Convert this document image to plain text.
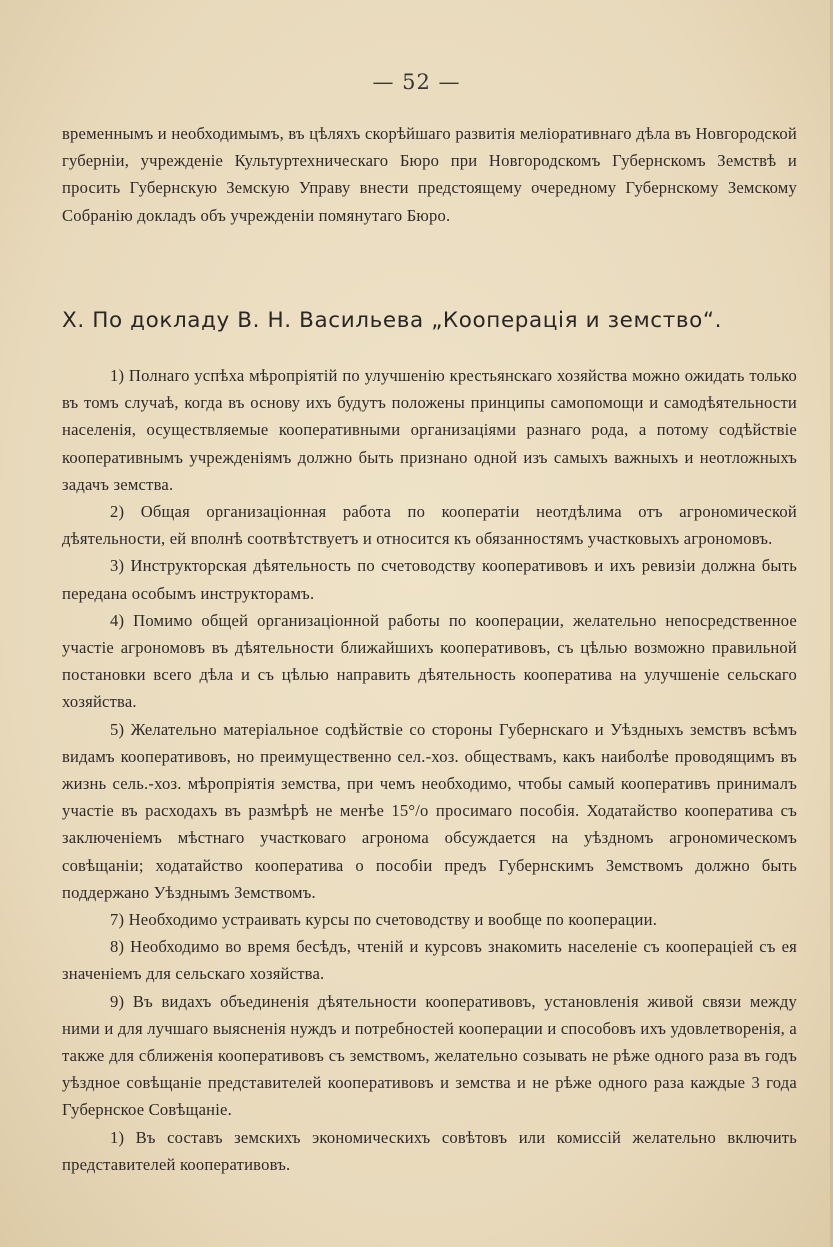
— 52 —

временнымъ и необходимымъ, въ цѣляхъ скорѣйшаго развитія меліоративнаго дѣла въ Новгородской губерніи, учрежденіе Культуртехническаго Бюро при Новгородскомъ Губернскомъ Земствѣ и просить Губернскую Земскую Управу внести предстоящему очередному Губернскому Земскому Собранію докладъ объ учрежденіи помянутаго Бюро.

X. По докладу В. Н. Васильева „Кооперація и земство“.

1) Полнаго успѣха мѣропріятій по улучшенію крестьянскаго хозяйства можно ожидать только въ томъ случаѣ, когда въ основу ихъ будутъ положены принципы самопомощи и самодѣятельности населенія, осуществляемые кооперативными организаціями разнаго рода, а потому содѣйствіе кооперативнымъ учрежденіямъ должно быть признано одной изъ самыхъ важныхъ и неотложныхъ задачъ земства.

2) Общая организаціонная работа по кооператіи неотдѣлима отъ агрономической дѣятельности, ей вполнѣ соотвѣтствуетъ и относится къ обязанностямъ участковыхъ агрономовъ.

3) Инструкторская дѣятельность по счетоводству кооперативовъ и ихъ ревизіи должна быть передана особымъ инструкторамъ.

4) Помимо общей организаціонной работы по кооперации, желательно непосредственное участіе агрономовъ въ дѣятельности ближайшихъ кооперативовъ, съ цѣлью возможно правильной постановки всего дѣла и съ цѣлью направить дѣятельность кооператива на улучшеніе сельскаго хозяйства.

5) Желательно матеріальное содѣйствіе со стороны Губернскаго и Уѣздныхъ земствъ всѣмъ видамъ кооперативовъ, но преимущественно сел.-хоз. обществамъ, какъ наиболѣе проводящимъ въ жизнь сель.-хоз. мѣропріятія земства, при чемъ необходимо, чтобы самый кооперативъ принималъ участіе въ расходахъ въ размѣрѣ не менѣе 15°/o просимаго пособія. Ходатайство кооператива съ заключеніемъ мѣстнаго участковаго агронома обсуждается на уѣздномъ агрономическомъ совѣщаніи; ходатайство кооператива о пособіи предъ Губернскимъ Земствомъ должно быть поддержано Уѣзднымъ Земствомъ.

7) Необходимо устраивать курсы по счетоводству и вообще по кооперации.

8) Необходимо во время бесѣдъ, чтеній и курсовъ знакомить населеніе съ коопераціей съ ея значеніемъ для сельскаго хозяйства.

9) Въ видахъ объединенія дѣятельности кооперативовъ, установленія живой связи между ними и для лучшаго выясненія нуждъ и потребностей кооперации и способовъ ихъ удовлетворенія, а также для сближенія кооперативовъ съ земствомъ, желательно созывать не рѣже одного раза въ годъ уѣздное совѣщаніе представителей кооперативовъ и земства и не рѣже одного раза каждые 3 года Губернское Совѣщаніе.

1) Въ составъ земскихъ экономическихъ совѣтовъ или комиссій желательно включить представителей кооперативовъ.
